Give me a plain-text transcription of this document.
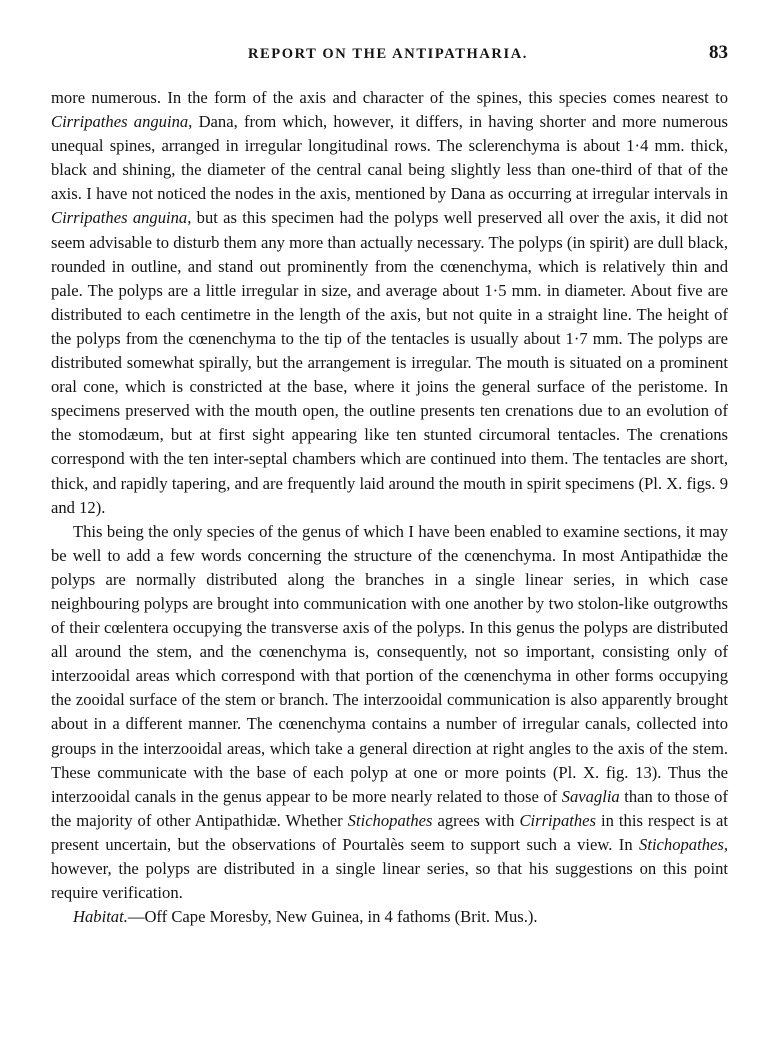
REPORT ON THE ANTIPATHARIA.	83

more numerous. In the form of the axis and character of the spines, this species comes nearest to Cirripathes anguina, Dana, from which, however, it differs, in having shorter and more numerous unequal spines, arranged in irregular longitudinal rows. The sclerenchyma is about 1·4 mm. thick, black and shining, the diameter of the central canal being slightly less than one-third of that of the axis. I have not noticed the nodes in the axis, mentioned by Dana as occurring at irregular intervals in Cirripathes anguina, but as this specimen had the polyps well preserved all over the axis, it did not seem advisable to disturb them any more than actually necessary. The polyps (in spirit) are dull black, rounded in outline, and stand out prominently from the cœnenchyma, which is relatively thin and pale. The polyps are a little irregular in size, and average about 1·5 mm. in diameter. About five are distributed to each centimetre in the length of the axis, but not quite in a straight line. The height of the polyps from the cœnenchyma to the tip of the tentacles is usually about 1·7 mm. The polyps are distributed somewhat spirally, but the arrangement is irregular. The mouth is situated on a prominent oral cone, which is constricted at the base, where it joins the general surface of the peristome. In specimens preserved with the mouth open, the outline presents ten crenations due to an evolution of the stomodæum, but at first sight appearing like ten stunted circumoral tentacles. The crenations correspond with the ten inter-septal chambers which are continued into them. The tentacles are short, thick, and rapidly tapering, and are frequently laid around the mouth in spirit specimens (Pl. X. figs. 9 and 12).

This being the only species of the genus of which I have been enabled to examine sections, it may be well to add a few words concerning the structure of the cœnenchyma. In most Antipathidæ the polyps are normally distributed along the branches in a single linear series, in which case neighbouring polyps are brought into communication with one another by two stolon-like outgrowths of their cœlentera occupying the transverse axis of the polyps. In this genus the polyps are distributed all around the stem, and the cœnenchyma is, consequently, not so important, consisting only of interzooidal areas which correspond with that portion of the cœnenchyma in other forms occupying the zooidal surface of the stem or branch. The interzooidal communication is also apparently brought about in a different manner. The cœnenchyma contains a number of irregular canals, collected into groups in the interzooidal areas, which take a general direction at right angles to the axis of the stem. These communicate with the base of each polyp at one or more points (Pl. X. fig. 13). Thus the interzooidal canals in the genus appear to be more nearly related to those of Savaglia than to those of the majority of other Antipathidæ. Whether Stichopathes agrees with Cirripathes in this respect is at present uncertain, but the observations of Pourtalès seem to support such a view. In Stichopathes, however, the polyps are distributed in a single linear series, so that his suggestions on this point require verification.

Habitat.—Off Cape Moresby, New Guinea, in 4 fathoms (Brit. Mus.).
